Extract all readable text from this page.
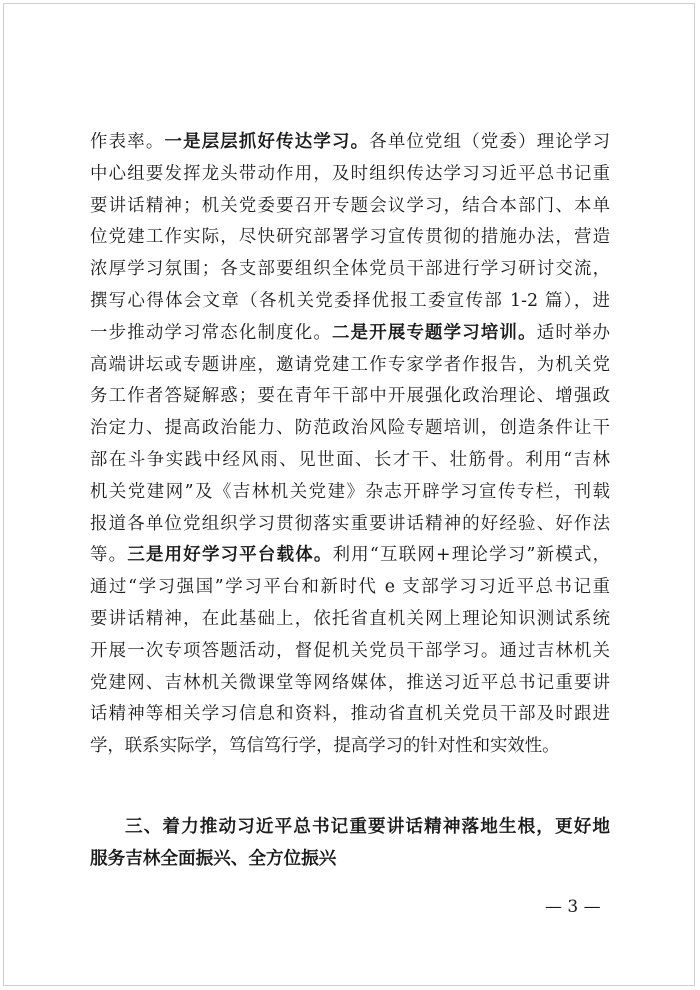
作表率。一是层层抓好传达学习。各单位党组（党委）理论学习
中心组要发挥龙头带动作用，及时组织传达学习习近平总书记重
要讲话精神；机关党委要召开专题会议学习，结合本部门、本单
位党建工作实际，尽快研究部署学习宣传贯彻的措施办法，营造
浓厚学习氛围；各支部要组织全体党员干部进行学习研讨交流，
撰写心得体会文章（各机关党委择优报工委宣传部 1-2 篇），进
一步推动学习常态化制度化。二是开展专题学习培训。适时举办
高端讲坛或专题讲座，邀请党建工作专家学者作报告，为机关党
务工作者答疑解惑；要在青年干部中开展强化政治理论、增强政
治定力、提高政治能力、防范政治风险专题培训，创造条件让干
部在斗争实践中经风雨、见世面、长才干、壮筋骨。利用“吉林
机关党建网”及《吉林机关党建》杂志开辟学习宣传专栏，刊载
报道各单位党组织学习贯彻落实重要讲话精神的好经验、好作法
等。三是用好学习平台载体。利用“互联网+理论学习”新模式，
通过“学习强国”学习平台和新时代 e 支部学习习近平总书记重
要讲话精神，在此基础上，依托省直机关网上理论知识测试系统
开展一次专项答题活动，督促机关党员干部学习。通过吉林机关
党建网、吉林机关微课堂等网络媒体，推送习近平总书记重要讲
话精神等相关学习信息和资料，推动省直机关党员干部及时跟进
学，联系实际学，笃信笃行学，提高学习的针对性和实效性。
三、着力推动习近平总书记重要讲话精神落地生根，更好地
服务吉林全面振兴、全方位振兴
— 3 —
